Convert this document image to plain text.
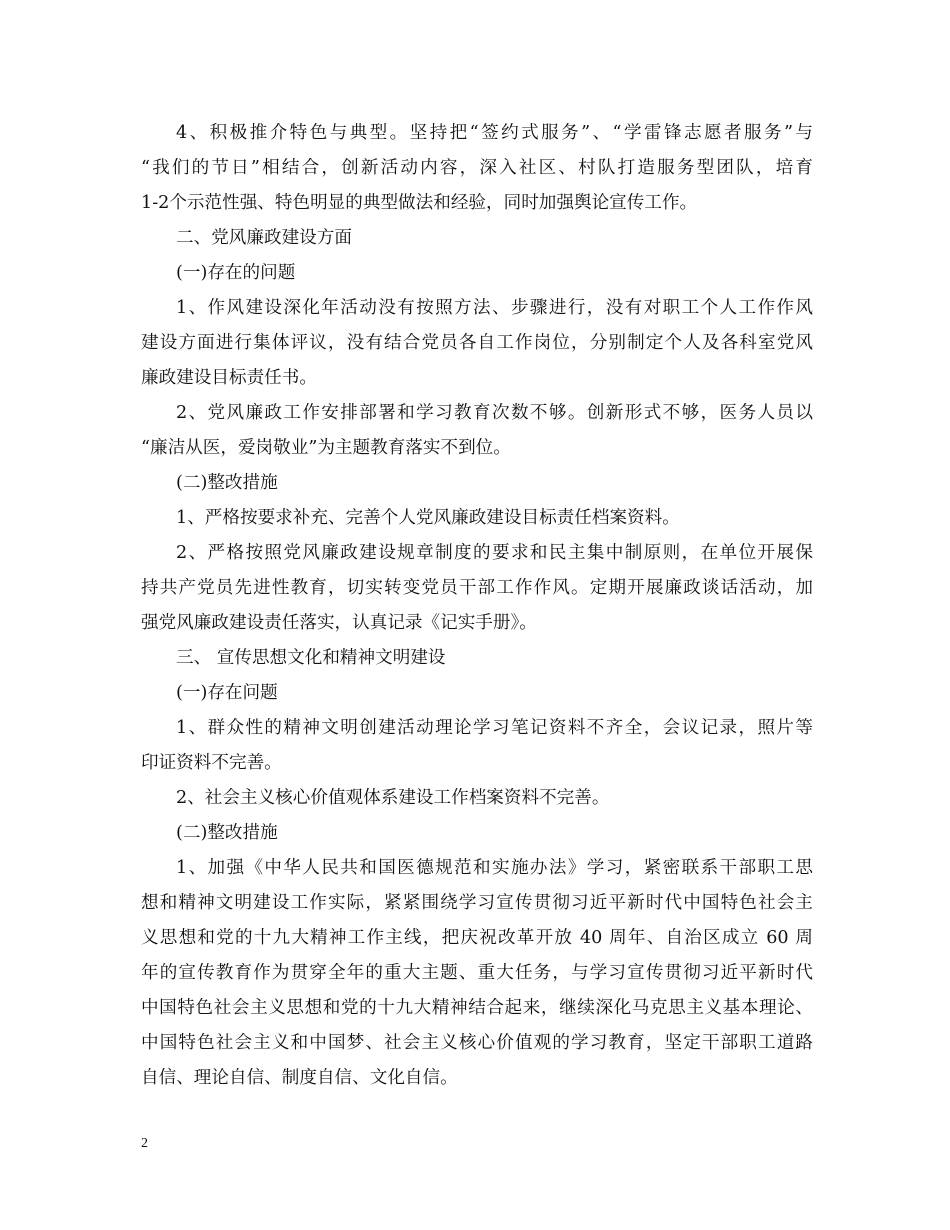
4、积极推介特色与典型。坚持把“签约式服务”、“学雷锋志愿者服务”与
“我们的节日”相结合，创新活动内容，深入社区、村队打造服务型团队，培育
1-2个示范性强、特色明显的典型做法和经验，同时加强舆论宣传工作。
二、党风廉政建设方面
(一)存在的问题
1、作风建设深化年活动没有按照方法、步骤进行，没有对职工个人工作作风
建设方面进行集体评议，没有结合党员各自工作岗位，分别制定个人及各科室党风
廉政建设目标责任书。
2、党风廉政工作安排部署和学习教育次数不够。创新形式不够，医务人员以
“廉洁从医，爱岗敬业”为主题教育落实不到位。
(二)整改措施
1、严格按要求补充、完善个人党风廉政建设目标责任档案资料。
2、严格按照党风廉政建设规章制度的要求和民主集中制原则，在单位开展保
持共产党员先进性教育，切实转变党员干部工作作风。定期开展廉政谈话活动，加
强党风廉政建设责任落实，认真记录《记实手册》。
三、 宣传思想文化和精神文明建设
(一)存在问题
1、群众性的精神文明创建活动理论学习笔记资料不齐全，会议记录，照片等
印证资料不完善。
2、社会主义核心价值观体系建设工作档案资料不完善。
(二)整改措施
1、加强《中华人民共和国医德规范和实施办法》学习，紧密联系干部职工思
想和精神文明建设工作实际，紧紧围绕学习宣传贯彻习近平新时代中国特色社会主
义思想和党的十九大精神工作主线，把庆祝改革开放 40 周年、自治区成立 60 周
年的宣传教育作为贯穿全年的重大主题、重大任务，与学习宣传贯彻习近平新时代
中国特色社会主义思想和党的十九大精神结合起来，继续深化马克思主义基本理论、
中国特色社会主义和中国梦、社会主义核心价值观的学习教育，坚定干部职工道路
自信、理论自信、制度自信、文化自信。
2
